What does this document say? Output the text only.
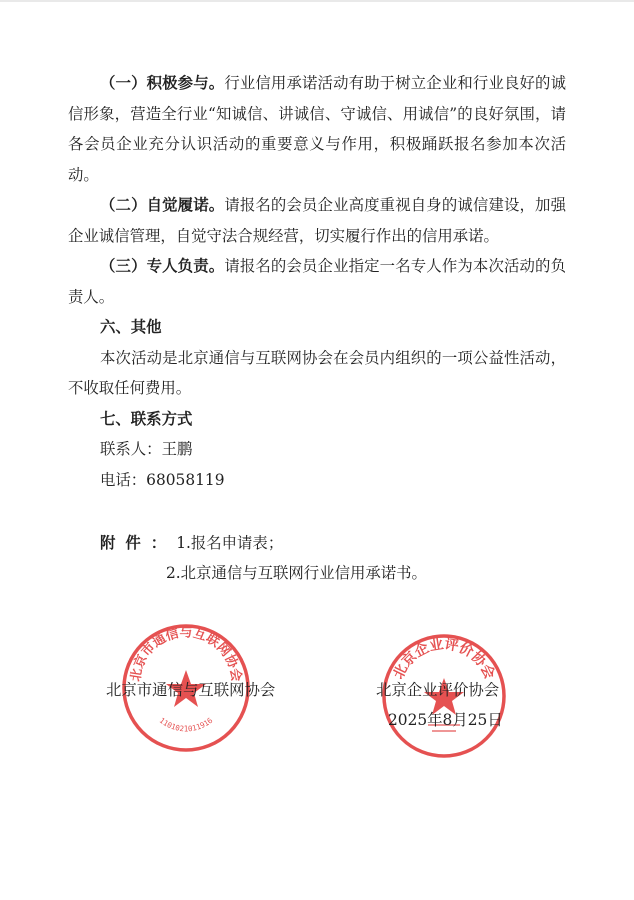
（一）积极参与。行业信用承诺活动有助于树立企业和行业良好的诚信形象，营造全行业“知诚信、讲诚信、守诚信、用诚信”的良好氛围，请各会员企业充分认识活动的重要意义与作用，积极踊跃报名参加本次活动。

（二）自觉履诺。请报名的会员企业高度重视自身的诚信建设，加强企业诚信管理，自觉守法合规经营，切实履行作出的信用承诺。

（三）专人负责。请报名的会员企业指定一名专人作为本次活动的负责人。

六、其他

本次活动是北京通信与互联网协会在会员内组织的一项公益性活动，不收取任何费用。

七、联系方式

联系人：王鹏

电话：68058119

附件：1.报名申请表；
2.北京通信与互联网行业信用承诺书。
北京市通信与互联网协会
1101021011916
北京企业评价协会
北京市通信与互联网协会	北京企业评价协会
2025年8月25日
